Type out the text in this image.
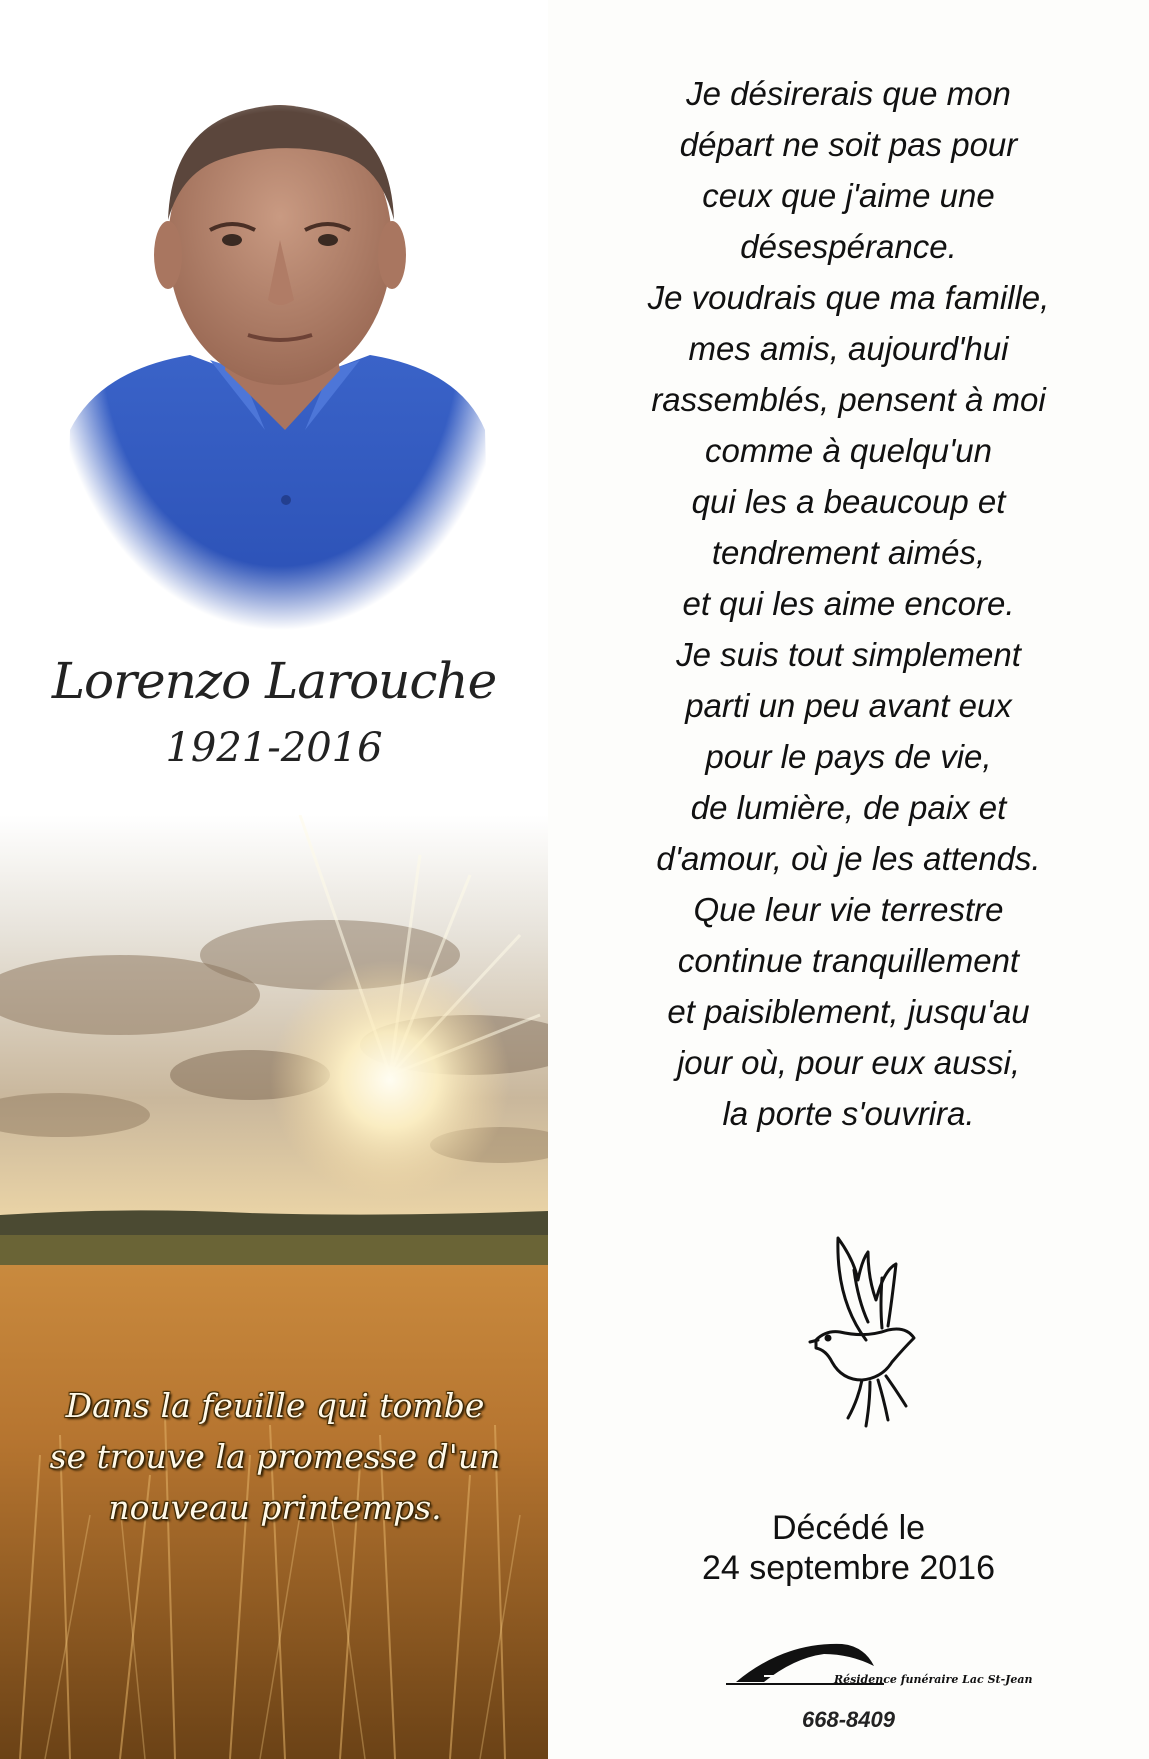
Lorenzo Larouche
1921-2016
Dans la feuille qui tombe
se trouve la promesse d'un
nouveau printemps.
Je désirerais que mon
départ ne soit pas pour
ceux que j'aime une
désespérance.
Je voudrais que ma famille,
mes amis, aujourd'hui
rassemblés, pensent à moi
comme à quelqu'un
qui les a beaucoup et
tendrement aimés,
et qui les aime encore.
Je suis tout simplement
parti un peu avant eux
pour le pays de vie,
de lumière, de paix et
d'amour, où je les attends.
Que leur vie terrestre
continue tranquillement
et paisiblement, jusqu'au
jour où, pour eux aussi,
la porte s'ouvrira.
Décédé le
24 septembre 2016
Résidence funéraire Lac St-Jean
668-8409
